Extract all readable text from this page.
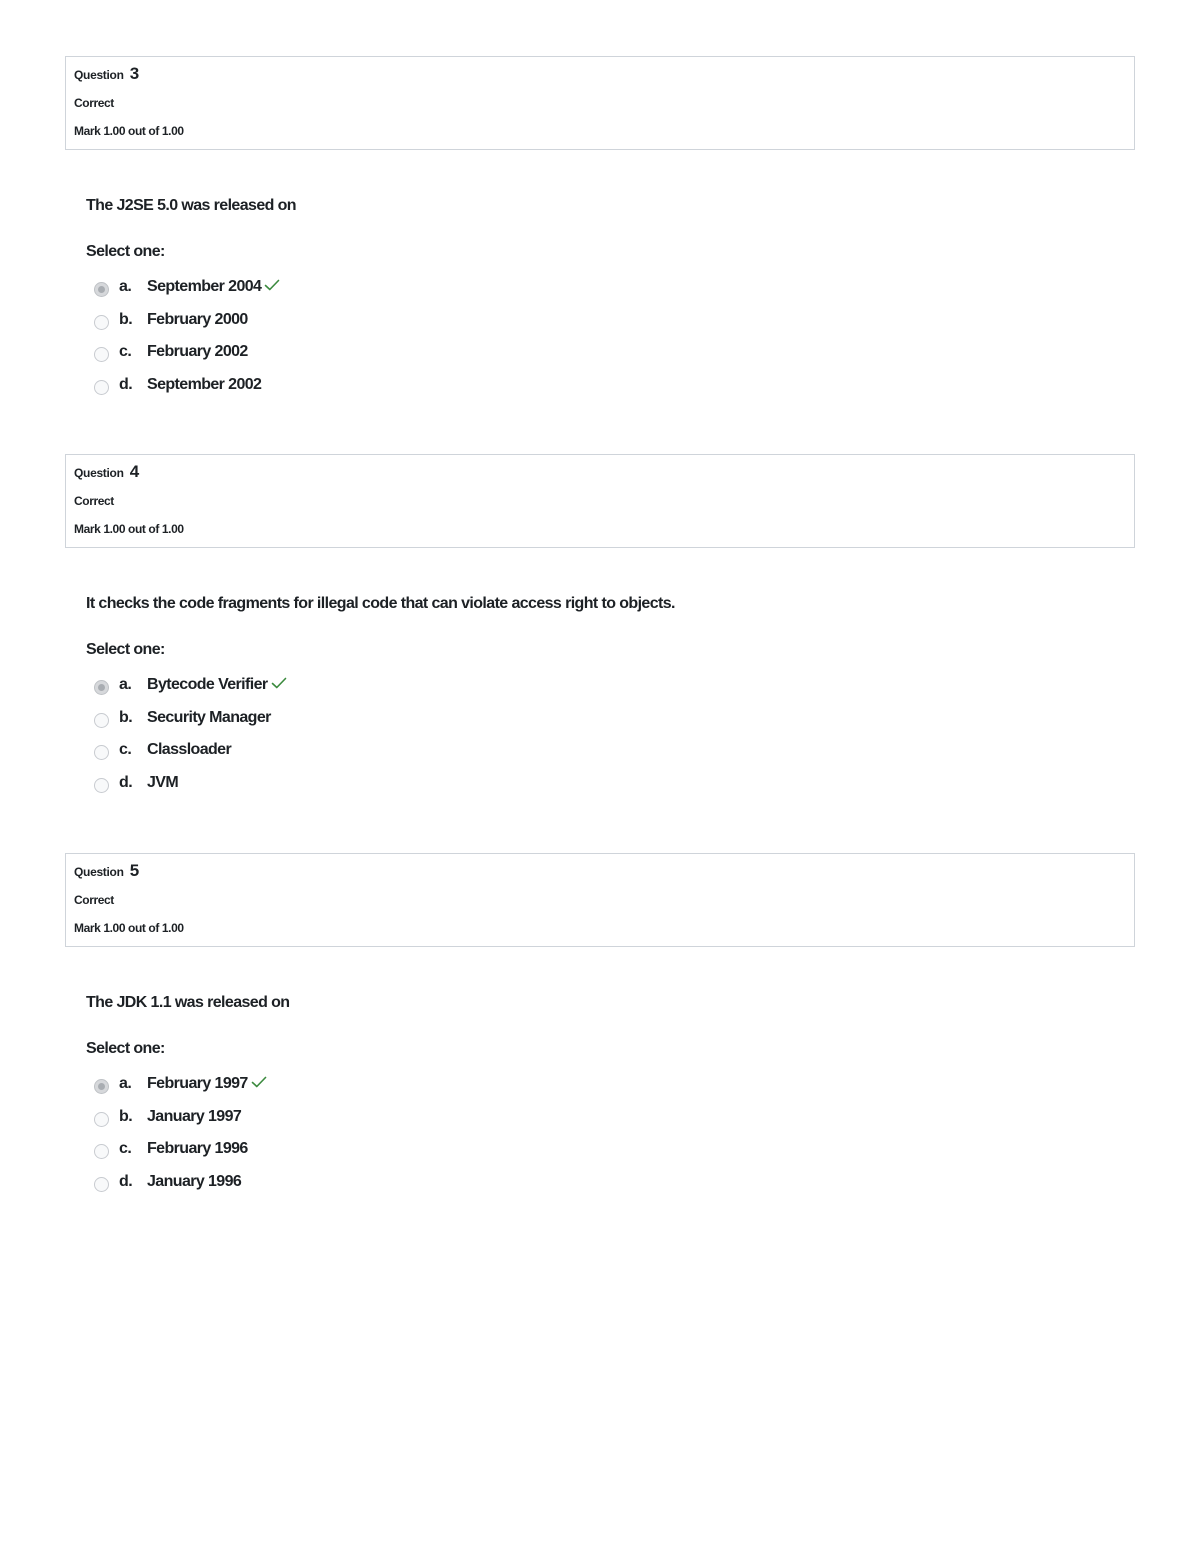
Question 3
Correct
Mark 1.00 out of 1.00
The J2SE 5.0 was released on
Select one:
a. September 2004
b. February 2000
c. February 2002
d. September 2002
Question 4
Correct
Mark 1.00 out of 1.00
It checks the code fragments for illegal code that can violate access right to objects.
Select one:
a. Bytecode Verifier
b. Security Manager
c. Classloader
d. JVM
Question 5
Correct
Mark 1.00 out of 1.00
The JDK 1.1 was released on
Select one:
a. February 1997
b. January 1997
c. February 1996
d. January 1996
